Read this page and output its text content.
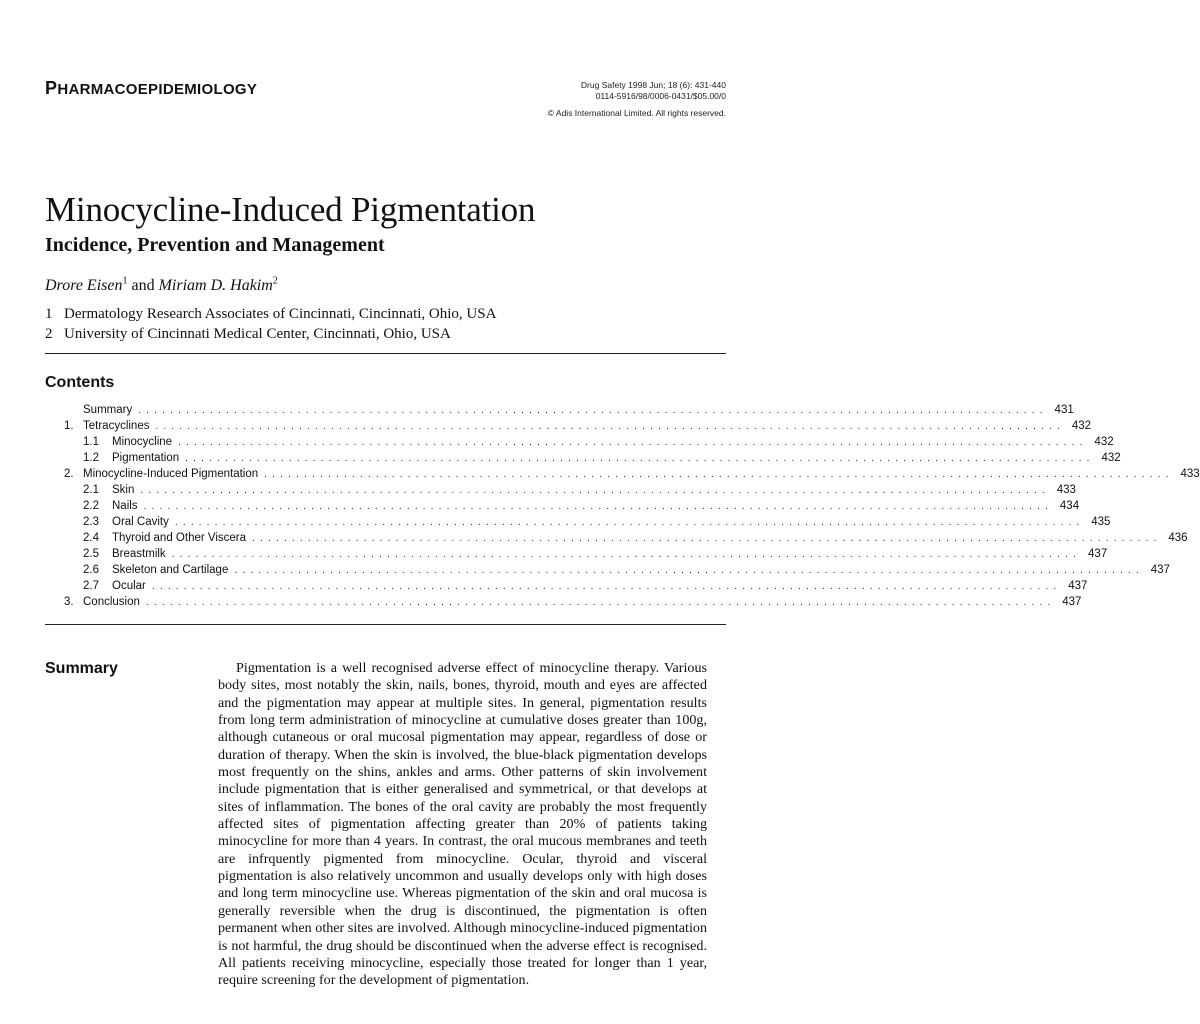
PHARMACOEPIDEMIOLOGY	Drug Safety 1998 Jun; 18 (6): 431-440
0114-5916/98/0006-0431/$05.00/0
© Adis International Limited. All rights reserved.
Minocycline-Induced Pigmentation
Incidence, Prevention and Management
Drore Eisen$^1$ and Miriam D. Hakim$^2$
1 Dermatology Research Associates of Cincinnati, Cincinnati, Ohio, USA
2 University of Cincinnati Medical Center, Cincinnati, Ohio, USA
Contents
Summary .................................................................................................................. 431
1. Tetracyclines .................................................................................................................. 432
1.1	Minocycline .................................................................................................................. 432
1.2	Pigmentation .................................................................................................................. 432
2. Minocycline-Induced Pigmentation .................................................................................................................. 433
2.1	Skin .................................................................................................................. 433
2.2	Nails .................................................................................................................. 434
2.3	Oral Cavity .................................................................................................................. 435
2.4	Thyroid and Other Viscera .................................................................................................................. 436
2.5	Breastmilk .................................................................................................................. 437
2.6	Skeleton and Cartilage .................................................................................................................. 437
2.7	Ocular .................................................................................................................. 437
3. Conclusion .................................................................................................................. 437
Summary	Pigmentation is a well recognised adverse effect of minocycline therapy. Various body sites, most notably the skin, nails, bones, thyroid, mouth and eyes are affected and the pigmentation may appear at multiple sites. In general, pigmentation results from long term administration of minocycline at cumulative doses greater than 100g, although cutaneous or oral mucosal pigmentation may appear, regardless of dose or duration of therapy. When the skin is involved, the blue-black pigmentation develops most frequently on the shins, ankles and arms. Other patterns of skin involvement include pigmentation that is either generalised and symmetrical, or that develops at sites of inflammation. The bones of the oral cavity are probably the most frequently affected sites of pigmentation affecting greater than 20% of patients taking minocycline for more than 4 years. In contrast, the oral mucous membranes and teeth are infrquently pigmented from minocycline. Ocular, thyroid and visceral pigmentation is also relatively uncommon and usually develops only with high doses and long term minocycline use. Whereas pigmentation of the skin and oral mucosa is generally reversible when the drug is discontinued, the pigmentation is often permanent when other sites are involved. Although minocycline-induced pigmentation is not harmful, the drug should be discontinued when the adverse effect is recognised. All patients receiving minocycline, especially those treated for longer than 1 year, require screening for the development of pigmentation.
